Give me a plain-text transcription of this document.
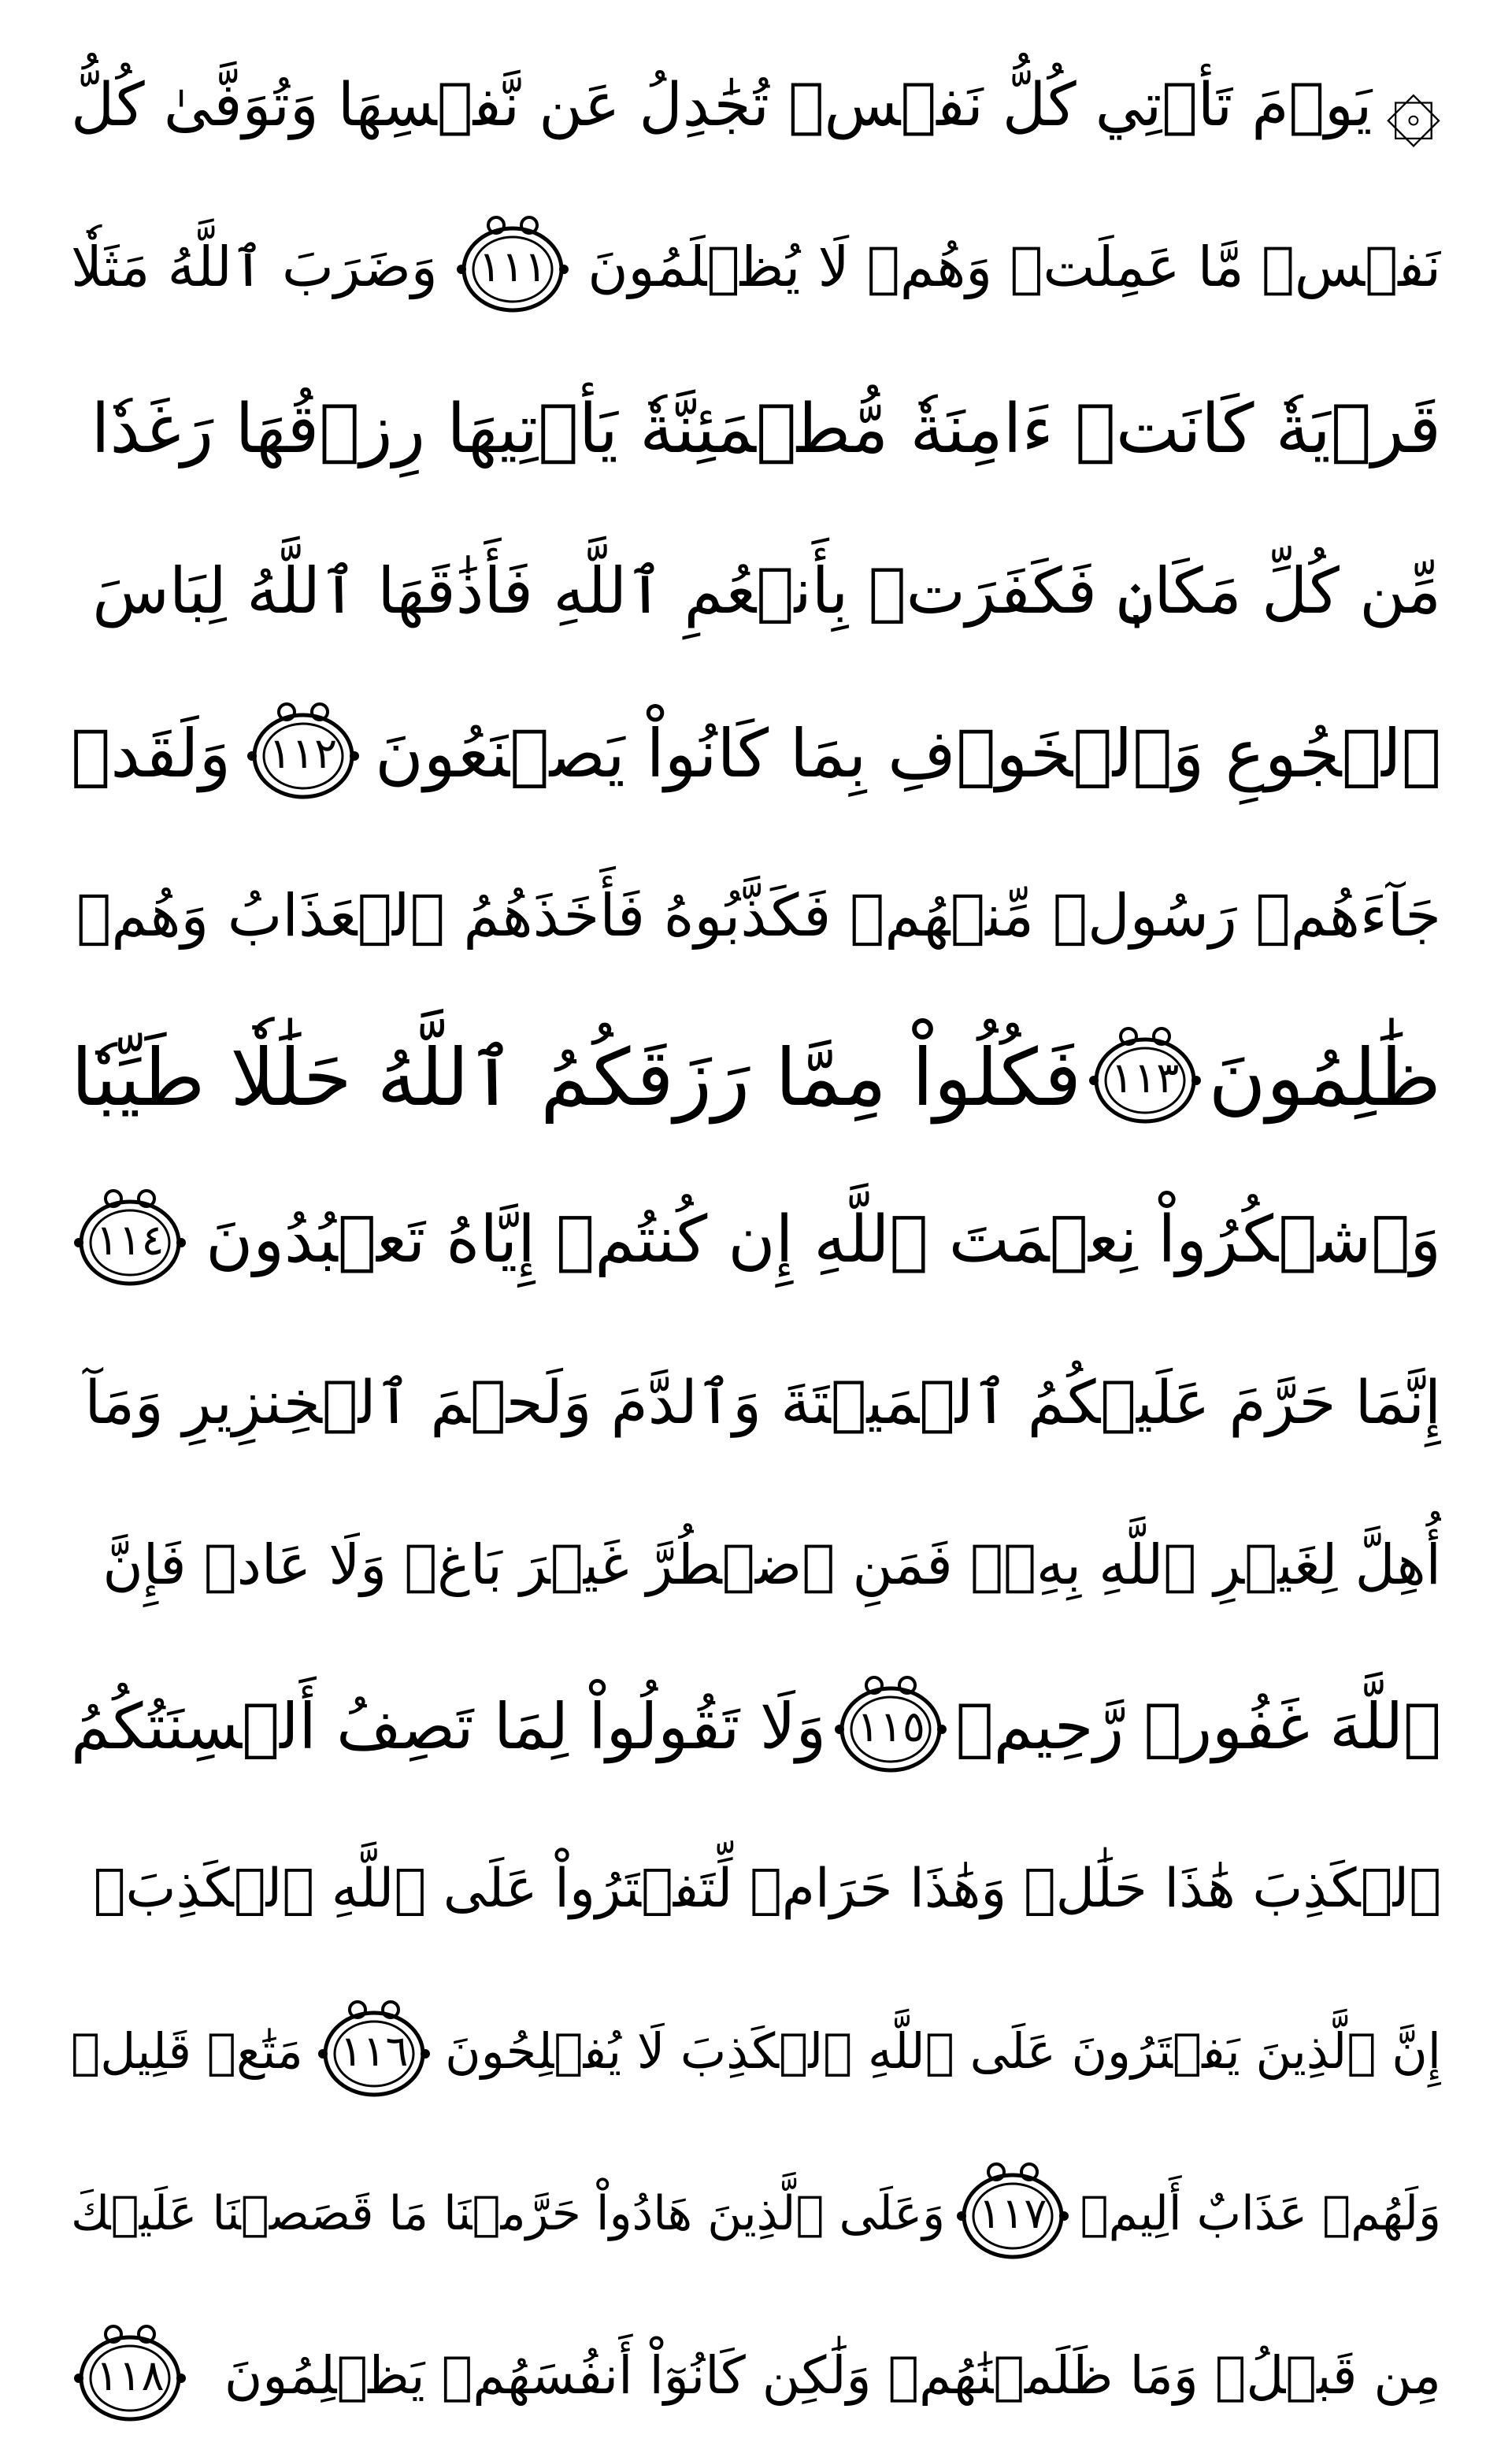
۞
يَوۡمَ تَأۡتِي كُلُّ نَفۡسٖ تُجَٰدِلُ عَن نَّفۡسِهَا وَتُوَفَّىٰ كُلُّ
نَفۡسٖ مَّا عَمِلَتۡ وَهُمۡ لَا يُظۡلَمُونَ
١١١
وَضَرَبَ ٱللَّهُ مَثَلٗا
قَرۡيَةٗ كَانَتۡ ءَامِنَةٗ مُّطۡمَئِنَّةٗ يَأۡتِيهَا رِزۡقُهَا رَغَدٗا
مِّن كُلِّ مَكَانٖ فَكَفَرَتۡ بِأَنۡعُمِ ٱللَّهِ فَأَذَٰقَهَا ٱللَّهُ لِبَاسَ
ٱلۡجُوعِ وَٱلۡخَوۡفِ بِمَا كَانُواْ يَصۡنَعُونَ
١١٢
وَلَقَدۡ
جَآءَهُمۡ رَسُولٞ مِّنۡهُمۡ فَكَذَّبُوهُ فَأَخَذَهُمُ ٱلۡعَذَابُ وَهُمۡ
ظَٰلِمُونَ
١١٣
فَكُلُواْ مِمَّا رَزَقَكُمُ ٱللَّهُ حَلَٰلٗا طَيِّبٗا
وَٱشۡكُرُواْ نِعۡمَتَ ٱللَّهِ إِن كُنتُمۡ إِيَّاهُ تَعۡبُدُونَ
١١٤
إِنَّمَا حَرَّمَ عَلَيۡكُمُ ٱلۡمَيۡتَةَ وَٱلدَّمَ وَلَحۡمَ ٱلۡخِنزِيرِ وَمَآ
أُهِلَّ لِغَيۡرِ ٱللَّهِ بِهِۦۖ فَمَنِ ٱضۡطُرَّ غَيۡرَ بَاغٖ وَلَا عَادٖ فَإِنَّ
ٱللَّهَ غَفُورٞ رَّحِيمٞ
١١٥
وَلَا تَقُولُواْ لِمَا تَصِفُ أَلۡسِنَتُكُمُ
ٱلۡكَذِبَ هَٰذَا حَلَٰلٞ وَهَٰذَا حَرَامٞ لِّتَفۡتَرُواْ عَلَى ٱللَّهِ ٱلۡكَذِبَۚ
إِنَّ ٱلَّذِينَ يَفۡتَرُونَ عَلَى ٱللَّهِ ٱلۡكَذِبَ لَا يُفۡلِحُونَ
١١٦
مَتَٰعٞ قَلِيلٞ
وَلَهُمۡ عَذَابٌ أَلِيمٞ
١١٧
وَعَلَى ٱلَّذِينَ هَادُواْ حَرَّمۡنَا مَا قَصَصۡنَا عَلَيۡكَ
مِن قَبۡلُۖ وَمَا ظَلَمۡنَٰهُمۡ وَلَٰكِن كَانُوٓاْ أَنفُسَهُمۡ يَظۡلِمُونَ
١١٨
